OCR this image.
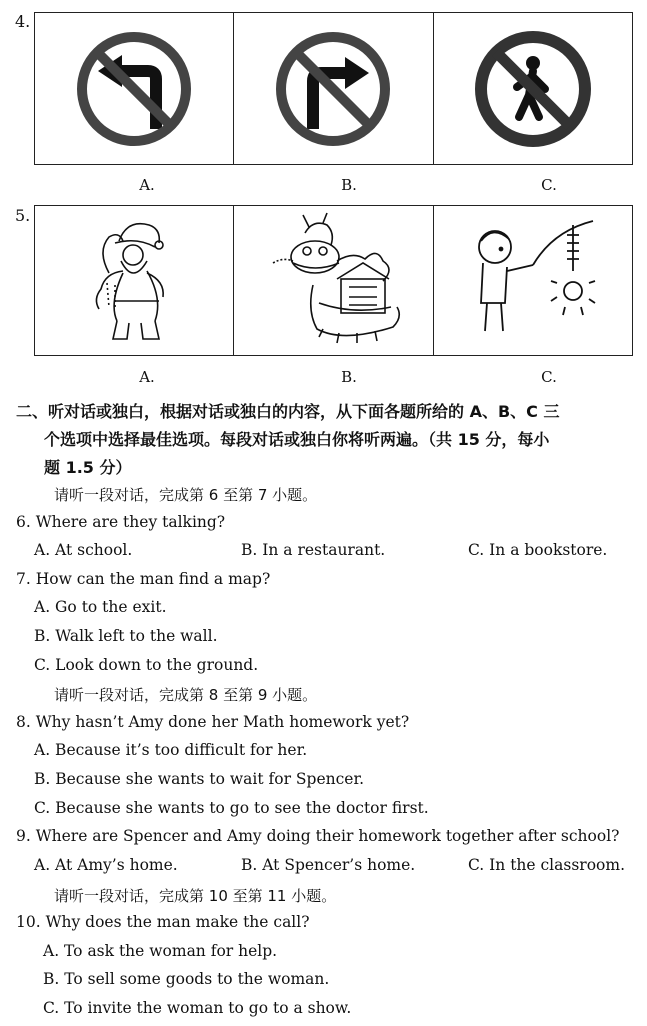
4.
A.	B.	C.
5.
A.	B.	C.
二、听对话或独白，根据对话或独白的内容，从下面各题所给的 A、B、C 三
个选项中选择最佳选项。每段对话或独白你将听两遍。（共 15 分，每小
题 1.5 分）
请听一段对话，完成第 6 至第 7 小题。
6. Where are they talking?
A. At school.	B. In a restaurant.	C. In a bookstore.
7. How can the man find a map?
A. Go to the exit.
B. Walk left to the wall.
C. Look down to the ground.
请听一段对话，完成第 8 至第 9 小题。
8. Why hasn’t Amy done her Math homework yet?
A. Because it’s too difficult for her.
B. Because she wants to wait for Spencer.
C. Because she wants to go to see the doctor first.
9. Where are Spencer and Amy doing their homework together after school?
A. At Amy’s home.	B. At Spencer’s home.	C. In the classroom.
请听一段对话，完成第 10 至第 11 小题。
10. Why does the man make the call?
A. To ask the woman for help.
B. To sell some goods to the woman.
C. To invite the woman to go to a show.
